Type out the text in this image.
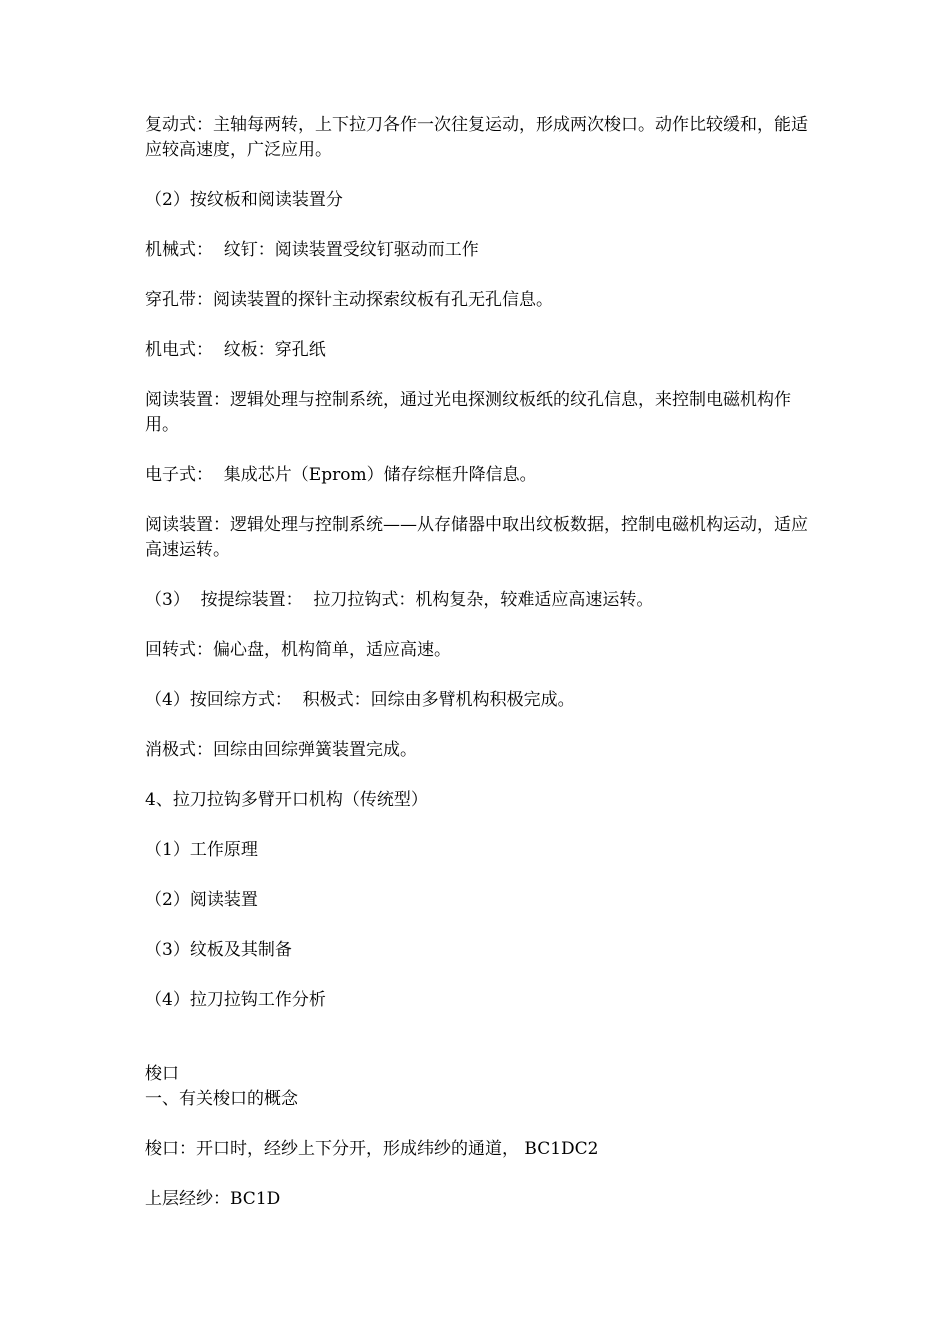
复动式：主轴每两转，上下拉刀各作一次往复运动，形成两次梭口。动作比较缓和，能适应较高速度，广泛应用。

（2）按纹板和阅读装置分

机械式：  纹钉：阅读装置受纹钉驱动而工作

穿孔带：阅读装置的探针主动探索纹板有孔无孔信息。

机电式：  纹板：穿孔纸

阅读装置：逻辑处理与控制系统，通过光电探测纹板纸的纹孔信息，来控制电磁机构作用。

电子式：  集成芯片（Eprom）储存综框升降信息。

阅读装置：逻辑处理与控制系统——从存储器中取出纹板数据，控制电磁机构运动，适应高速运转。

（3）  按提综装置：  拉刀拉钩式：机构复杂，较难适应高速运转。

回转式：偏心盘，机构简单，适应高速。

（4）按回综方式：  积极式：回综由多臂机构积极完成。

消极式：回综由回综弹簧装置完成。

4、拉刀拉钩多臂开口机构（传统型）

（1）工作原理

（2）阅读装置

（3）纹板及其制备

（4）拉刀拉钩工作分析

梭口

一、有关梭口的概念

梭口：开口时，经纱上下分开，形成纬纱的通道， BC1DC2

上层经纱：BC1D
